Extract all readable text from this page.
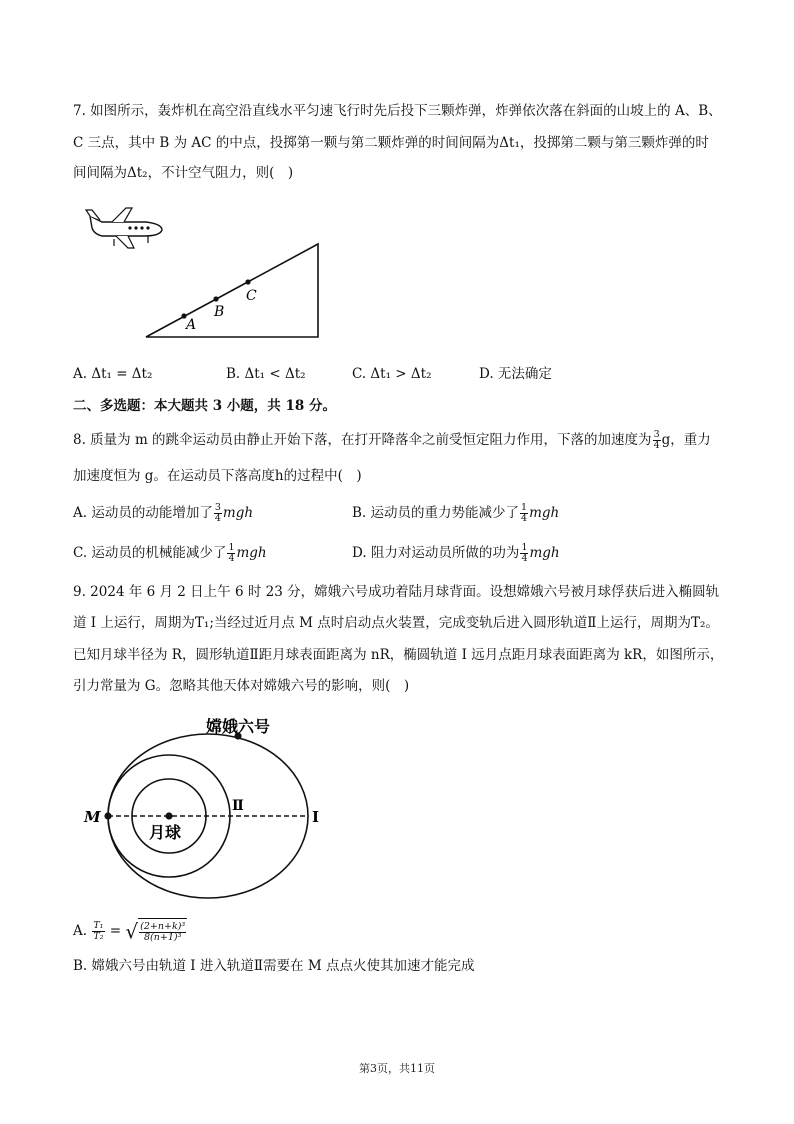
7. 如图所示，轰炸机在高空沿直线水平匀速飞行时先后投下三颗炸弹，炸弹依次落在斜面的山坡上的 A、B、
C 三点，其中 B 为 AC 的中点，投掷第一颗与第二颗炸弹的时间间隔为Δt₁，投掷第二颗与第三颗炸弹的时
间间隔为Δt₂，不计空气阻力，则(　)
A
B
C
A. Δt₁ = Δt₂	B. Δt₁ < Δt₂	C. Δt₁ > Δt₂	D. 无法确定
二、多选题：本大题共 3 小题，共 18 分。
8. 质量为 m 的跳伞运动员由静止开始下落，在打开降落伞之前受恒定阻力作用，下落的加速度为 $\frac{3}{4}$ g，重力
加速度恒为 g。在运动员下落高度h的过程中(　)
A. 运动员的动能增加了 $\frac{3}{4}$ mgh	B. 运动员的重力势能减少了 $\frac{1}{4}$ mgh
C. 运动员的机械能减少了 $\frac{1}{4}$ mgh	D. 阻力对运动员所做的功为 $\frac{1}{4}$ mgh
9. 2024 年 6 月 2 日上午 6 时 23 分，嫦娥六号成功着陆月球背面。设想嫦娥六号被月球俘获后进入椭圆轨
道 Ⅰ 上运行，周期为T₁;当经过近月点 M 点时启动点火装置，完成变轨后进入圆形轨道Ⅱ上运行，周期为T₂。
已知月球半径为 R，圆形轨道Ⅱ距月球表面距离为 nR，椭圆轨道 Ⅰ 远月点距月球表面距离为 kR，如图所示，
引力常量为 G。忽略其他天体对嫦娥六号的影响，则(　)
嫦娥六号
月球
M	Ⅰ
Ⅱ
A. $\frac{\text{T₁}}{\text{T₂}}$ = √ $\frac{\text{(2+n+k)³}}{\text{8(n+1)³}}$
B. 嫦娥六号由轨道 Ⅰ 进入轨道Ⅱ需要在 M 点点火使其加速才能完成
第3页，共11页
